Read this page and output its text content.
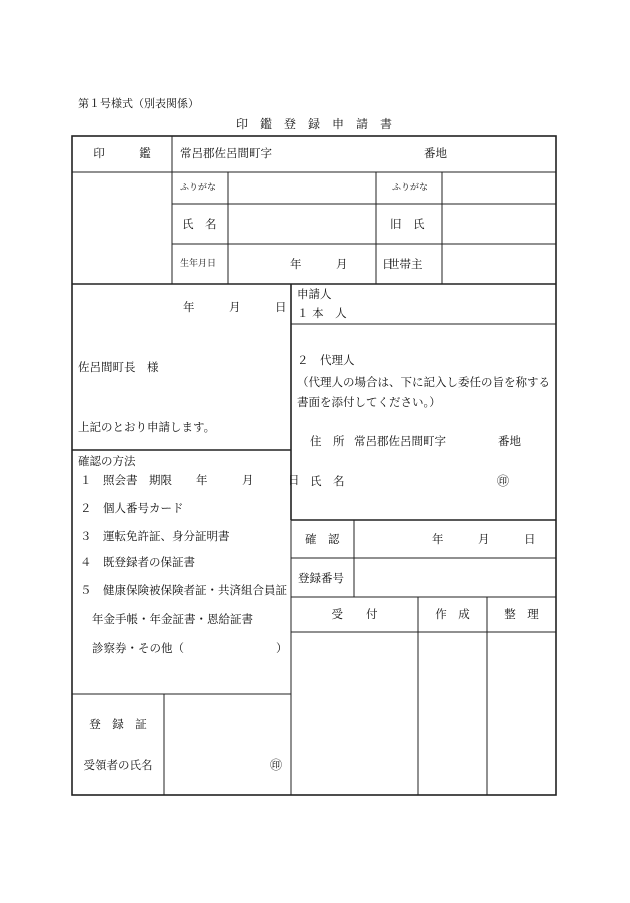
第１号様式（別表関係）
印　鑑　登　録　申　請　書
印　　　鑑	常呂郡佐呂間町字	番地
ふりがな	ふりがな
氏　名	旧　氏
生年月日	年　　　月　　　日
世帯主
年　　　月　　　日
佐呂間町長　様
上記のとおり申請します。
申請人
１ 本　人
２　代理人
（代理人の場合は、下に記入し委任の旨を称する
書面を添付してください。）
住　所 常呂郡佐呂間町字	番地
氏　名	㊞
確認の方法
１　照会書　期限 年　　　月　　　日
２　個人番号カード
３　運転免許証、身分証明書
４　既登録者の保証書
５　健康保険被保険者証・共済組合員証
年金手帳・年金証書・恩給証書
診察券・その他（	）
確　認	年　　　月　　　日
登録番号
受　　付	作　成	整　理
登　録　証
受領者の氏名	㊞
